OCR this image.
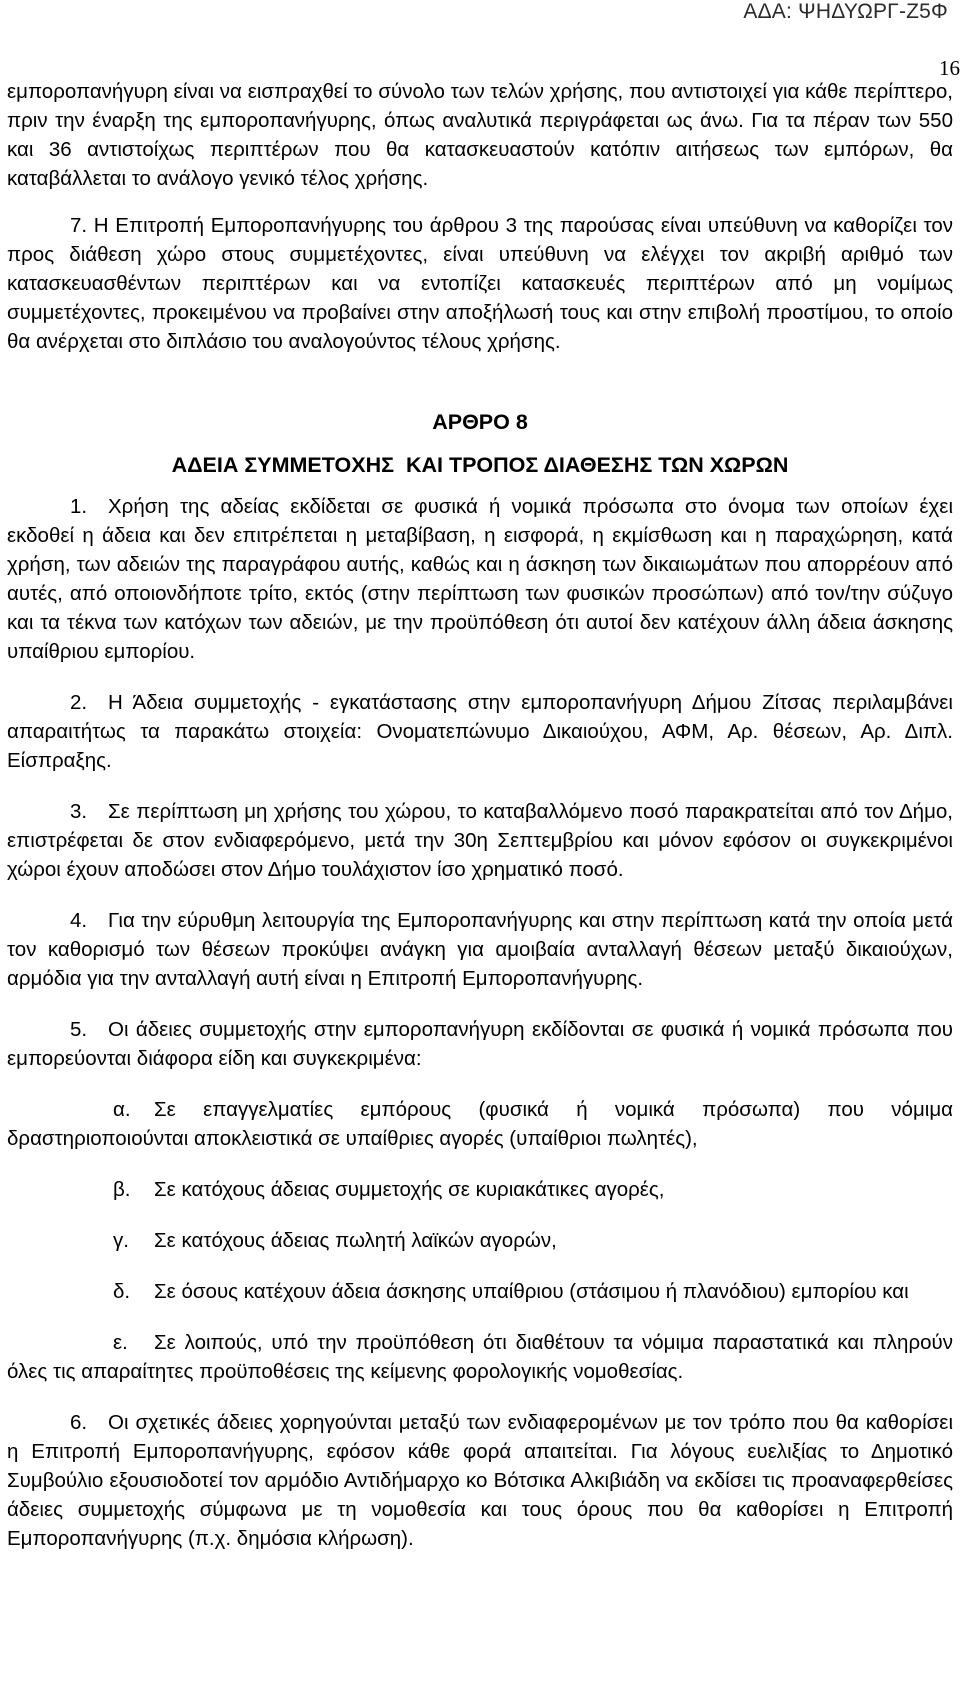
ΑΔΑ: ΨΗΔΥΩΡΓ-Ζ5Φ
16

εμποροπανήγυρη είναι να εισπραχθεί το σύνολο των τελών χρήσης, που αντιστοιχεί για κάθε περίπτερο, πριν την έναρξη της εμποροπανήγυρης, όπως αναλυτικά περιγράφεται ως άνω. Για τα πέραν των 550 και 36 αντιστοίχως περιπτέρων που θα κατασκευαστούν κατόπιν αιτήσεως των εμπόρων, θα καταβάλλεται το ανάλογο γενικό τέλος χρήσης.

7. Η Επιτροπή Εμποροπανήγυρης του άρθρου 3 της παρούσας είναι υπεύθυνη να καθορίζει τον προς διάθεση χώρο στους συμμετέχοντες, είναι υπεύθυνη να ελέγχει τον ακριβή αριθμό των κατασκευασθέντων περιπτέρων και να εντοπίζει κατασκευές περιπτέρων από μη νομίμως συμμετέχοντες, προκειμένου να προβαίνει στην αποξήλωσή τους και στην επιβολή προστίμου, το οποίο θα ανέρχεται στο διπλάσιο του αναλογούντος τέλους χρήσης.

ΑΡΘΡΟ 8

ΑΔΕΙΑ ΣΥΜΜΕΤΟΧΗΣ  ΚΑΙ ΤΡΟΠΟΣ ΔΙΑΘΕΣΗΣ ΤΩΝ ΧΩΡΩΝ

1. Χρήση της αδείας εκδίδεται σε φυσικά ή νομικά πρόσωπα στο όνομα των οποίων έχει εκδοθεί η άδεια και δεν επιτρέπεται η μεταβίβαση, η εισφορά, η εκμίσθωση και η παραχώρηση, κατά χρήση, των αδειών της παραγράφου αυτής, καθώς και η άσκηση των δικαιωμάτων που απορρέουν από αυτές, από οποιονδήποτε τρίτο, εκτός (στην περίπτωση των φυσικών προσώπων) από τον/την σύζυγο και τα τέκνα των κατόχων των αδειών, με την προϋπόθεση ότι αυτοί δεν κατέχουν άλλη άδεια άσκησης υπαίθριου εμπορίου.

2. Η Άδεια συμμετοχής - εγκατάστασης στην εμποροπανήγυρη Δήμου Ζίτσας περιλαμβάνει απαραιτήτως τα παρακάτω στοιχεία: Ονοματεπώνυμο Δικαιούχου, ΑΦΜ, Αρ. θέσεων, Αρ. Διπλ. Είσπραξης.

3. Σε περίπτωση μη χρήσης του χώρου, το καταβαλλόμενο ποσό παρακρατείται από τον Δήμο, επιστρέφεται δε στον ενδιαφερόμενο, μετά την 30η Σεπτεμβρίου και μόνον εφόσον οι συγκεκριμένοι χώροι έχουν αποδώσει στον Δήμο τουλάχιστον ίσο χρηματικό ποσό.

4. Για την εύρυθμη λειτουργία της Εμποροπανήγυρης και στην περίπτωση κατά την οποία μετά τον καθορισμό των θέσεων προκύψει ανάγκη για αμοιβαία ανταλλαγή θέσεων μεταξύ δικαιούχων, αρμόδια για την ανταλλαγή αυτή είναι η Επιτροπή Εμποροπανήγυρης.

5. Οι άδειες συμμετοχής στην εμποροπανήγυρη εκδίδονται σε φυσικά ή νομικά πρόσωπα που εμπορεύονται διάφορα είδη και συγκεκριμένα:

α. Σε επαγγελματίες εμπόρους (φυσικά ή νομικά πρόσωπα) που νόμιμα δραστηριοποιούνται αποκλειστικά σε υπαίθριες αγορές (υπαίθριοι πωλητές),

β. Σε κατόχους άδειας συμμετοχής σε κυριακάτικες αγορές,

γ. Σε κατόχους άδειας πωλητή λαϊκών αγορών,

δ. Σε όσους κατέχουν άδεια άσκησης υπαίθριου (στάσιμου ή πλανόδιου) εμπορίου και

ε. Σε λοιπούς, υπό την προϋπόθεση ότι διαθέτουν τα νόμιμα παραστατικά και πληρούν όλες τις απαραίτητες προϋποθέσεις της κείμενης φορολογικής νομοθεσίας.

6. Οι σχετικές άδειες χορηγούνται μεταξύ των ενδιαφερομένων με τον τρόπο που θα καθορίσει η Επιτροπή Εμποροπανήγυρης, εφόσον κάθε φορά απαιτείται. Για λόγους ευελιξίας το Δημοτικό Συμβούλιο εξουσιοδοτεί τον αρμόδιο Αντιδήμαρχο κο Βότσικα Αλκιβιάδη να εκδίσει τις προαναφερθείσες άδειες συμμετοχής σύμφωνα με τη νομοθεσία και τους όρους που θα καθορίσει η Επιτροπή Εμποροπανήγυρης (π.χ. δημόσια κλήρωση).
